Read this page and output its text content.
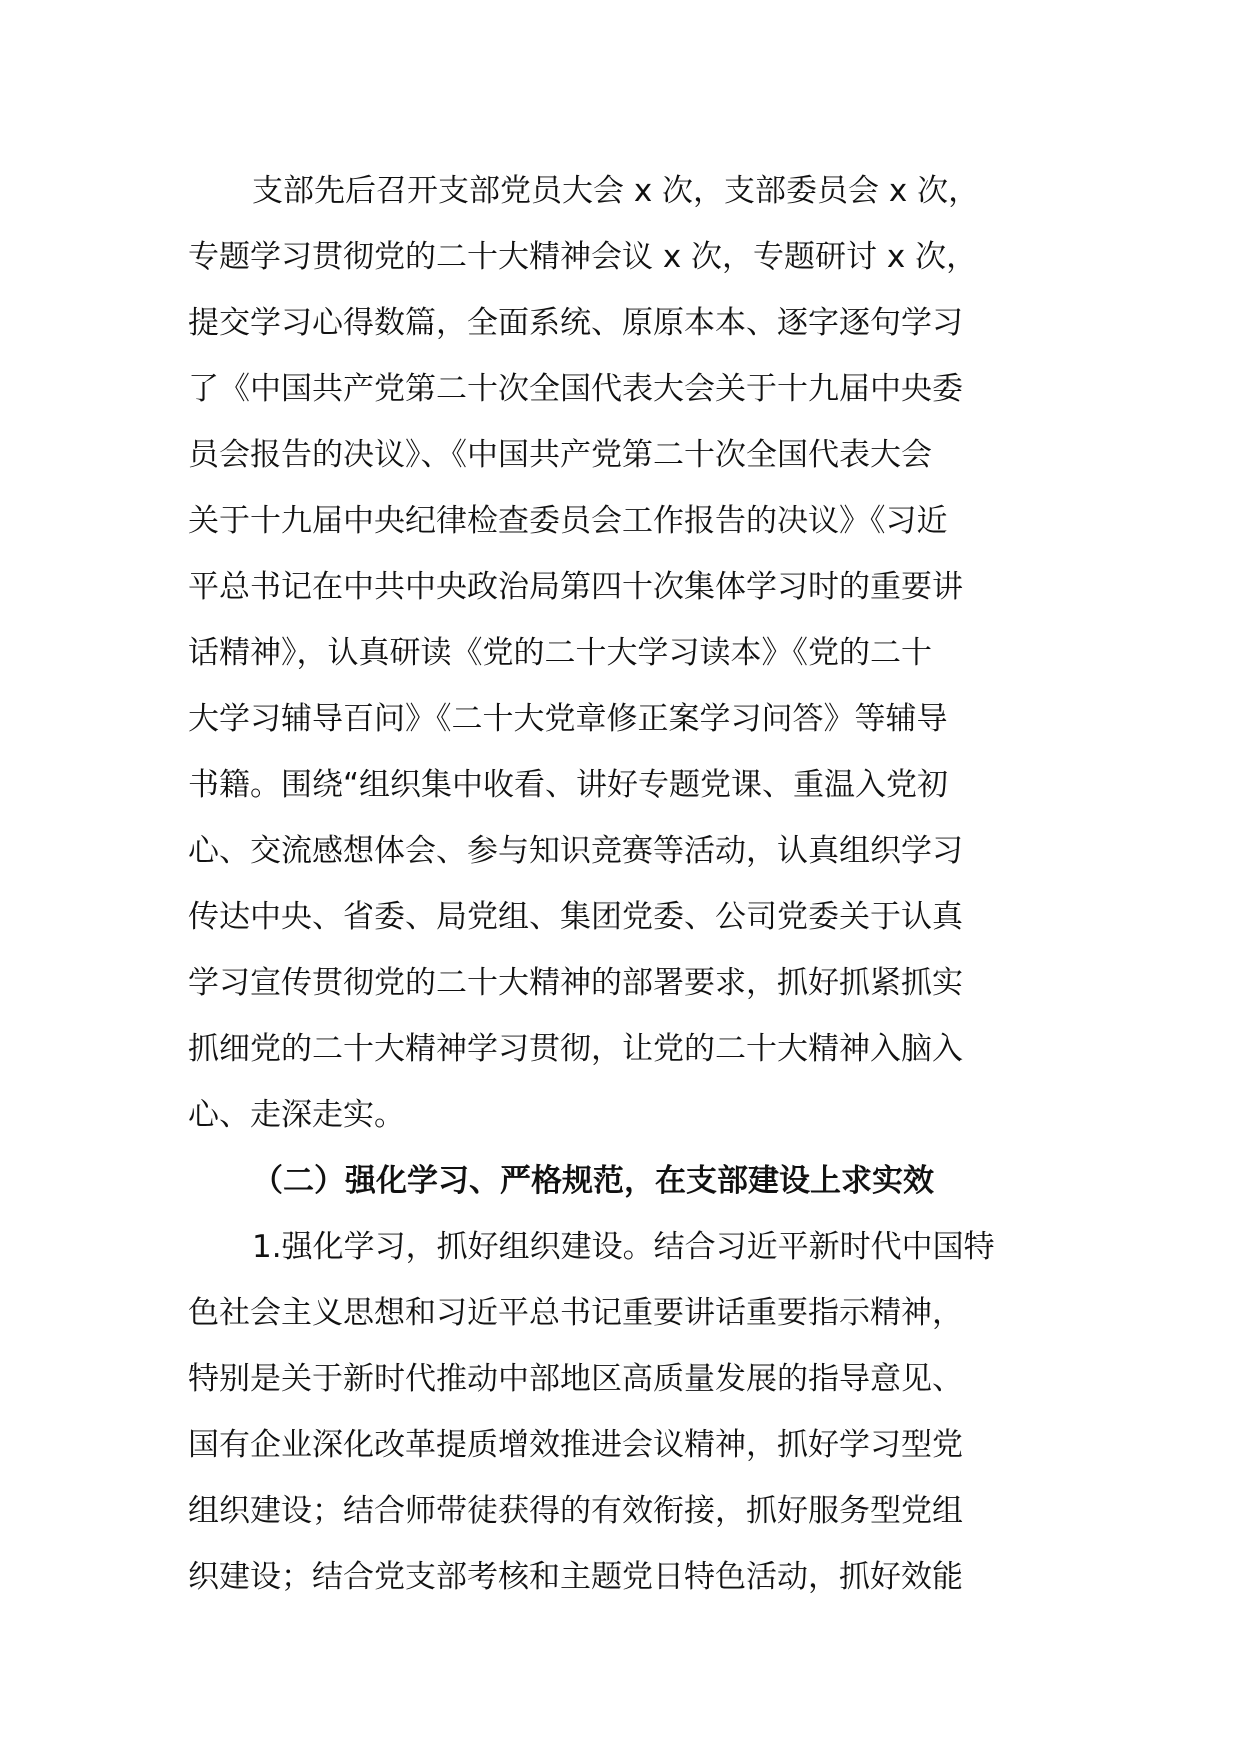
支部先后召开支部党员大会 x 次，支部委员会 x 次，
专题学习贯彻党的二十大精神会议 x 次，专题研讨 x 次，
提交学习心得数篇，全面系统、原原本本、逐字逐句学习
了《中国共产党第二十次全国代表大会关于十九届中央委
员会报告的决议》、《中国共产党第二十次全国代表大会
关于十九届中央纪律检查委员会工作报告的决议》《习近
平总书记在中共中央政治局第四十次集体学习时的重要讲
话精神》，认真研读《党的二十大学习读本》《党的二十
大学习辅导百问》《二十大党章修正案学习问答》等辅导
书籍。围绕“组织集中收看、讲好专题党课、重温入党初
心、交流感想体会、参与知识竞赛等活动，认真组织学习
传达中央、省委、局党组、集团党委、公司党委关于认真
学习宣传贯彻党的二十大精神的部署要求，抓好抓紧抓实
抓细党的二十大精神学习贯彻，让党的二十大精神入脑入
心、走深走实。
（二）强化学习、严格规范，在支部建设上求实效
1.强化学习，抓好组织建设。结合习近平新时代中国特
色社会主义思想和习近平总书记重要讲话重要指示精神，
特别是关于新时代推动中部地区高质量发展的指导意见、
国有企业深化改革提质增效推进会议精神，抓好学习型党
组织建设；结合师带徒获得的有效衔接，抓好服务型党组
织建设；结合党支部考核和主题党日特色活动，抓好效能
